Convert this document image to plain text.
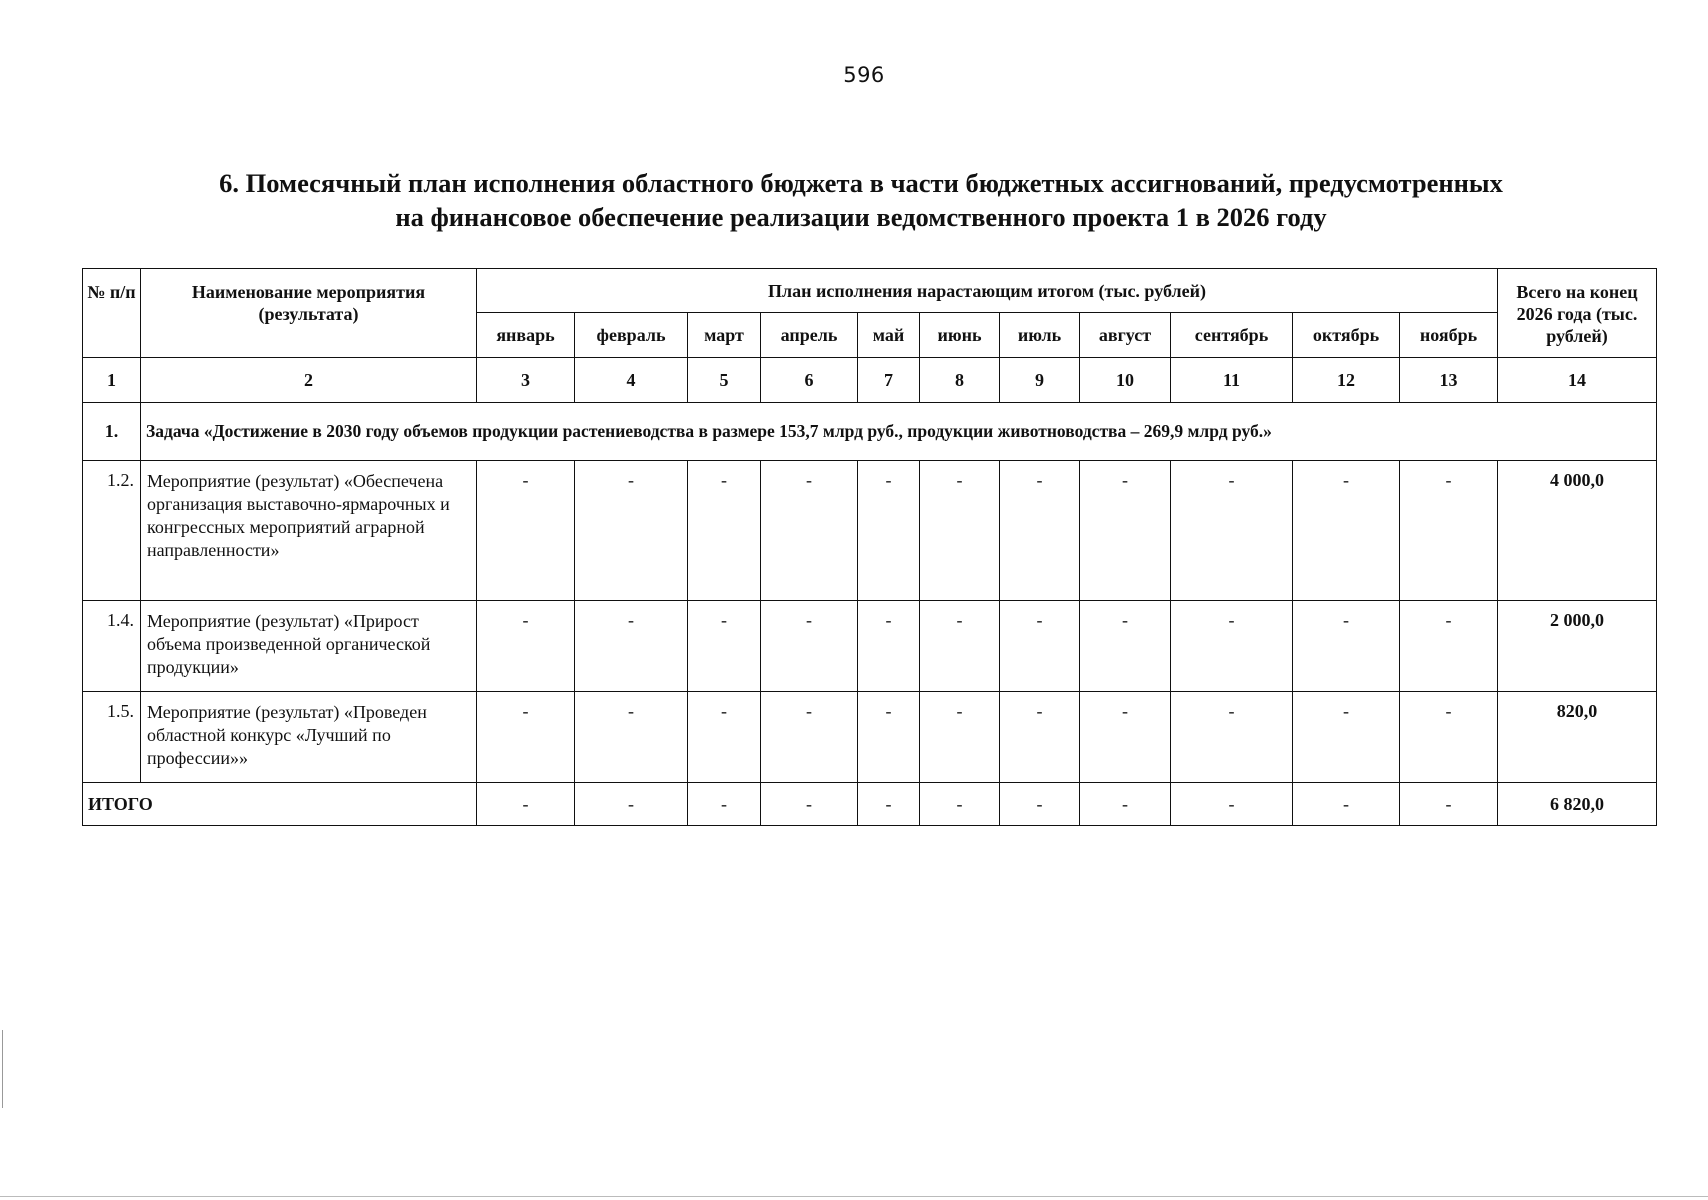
596
6. Помесячный план исполнения областного бюджета в части бюджетных ассигнований, предусмотренных
на финансовое обеспечение реализации ведомственного проекта 1 в 2026 году
№ п/п	Наименование мероприятия (результата)	План исполнения нарастающим итогом (тыс. рублей)											Всего на конец 2026 года (тыс. рублей)
		январь	февраль	март	апрель	май	июнь	июль	август	сентябрь	октябрь	ноябрь	
1	2	3	4	5	6	7	8	9	10	11	12	13	14
1.	Задача «Достижение в 2030 году объемов продукции растениеводства в размере 153,7 млрд руб., продукции животноводства – 269,9 млрд руб.»												
1.2.	Мероприятие (результат) «Обеспечена организация выставочно-ярмарочных и конгрессных мероприятий аграрной направленности»	-	-	-	-	-	-	-	-	-	-	-	4 000,0
1.4.	Мероприятие (результат) «Прирост объема произведенной органической продукции»	-	-	-	-	-	-	-	-	-	-	-	2 000,0
1.5.	Мероприятие (результат) «Проведен областной конкурс «Лучший по профессии»»	-	-	-	-	-	-	-	-	-	-	-	820,0
ИТОГО		-	-	-	-	-	-	-	-	-	-	-	6 820,0
